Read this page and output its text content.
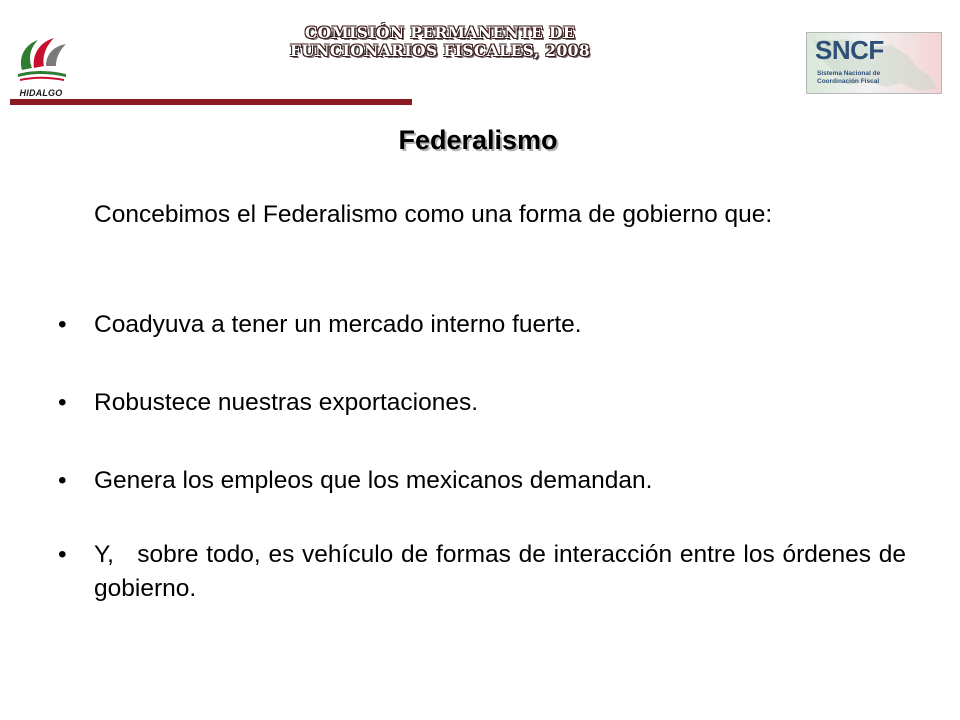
HIDALGO
COMISIÓN PERMANENTE DE
FUNCIONARIOS FISCALES, 2008	SNCF
Sistema Nacional de
Coordinación Fiscal
Federalismo
Concebimos el Federalismo como una forma de gobierno que:
• Coadyuva a tener un mercado interno fuerte.
• Robustece nuestras exportaciones.
• Genera los empleos que los mexicanos demandan.
• Y,   sobre todo, es vehículo de formas de interacción entre los órdenes de gobierno.
